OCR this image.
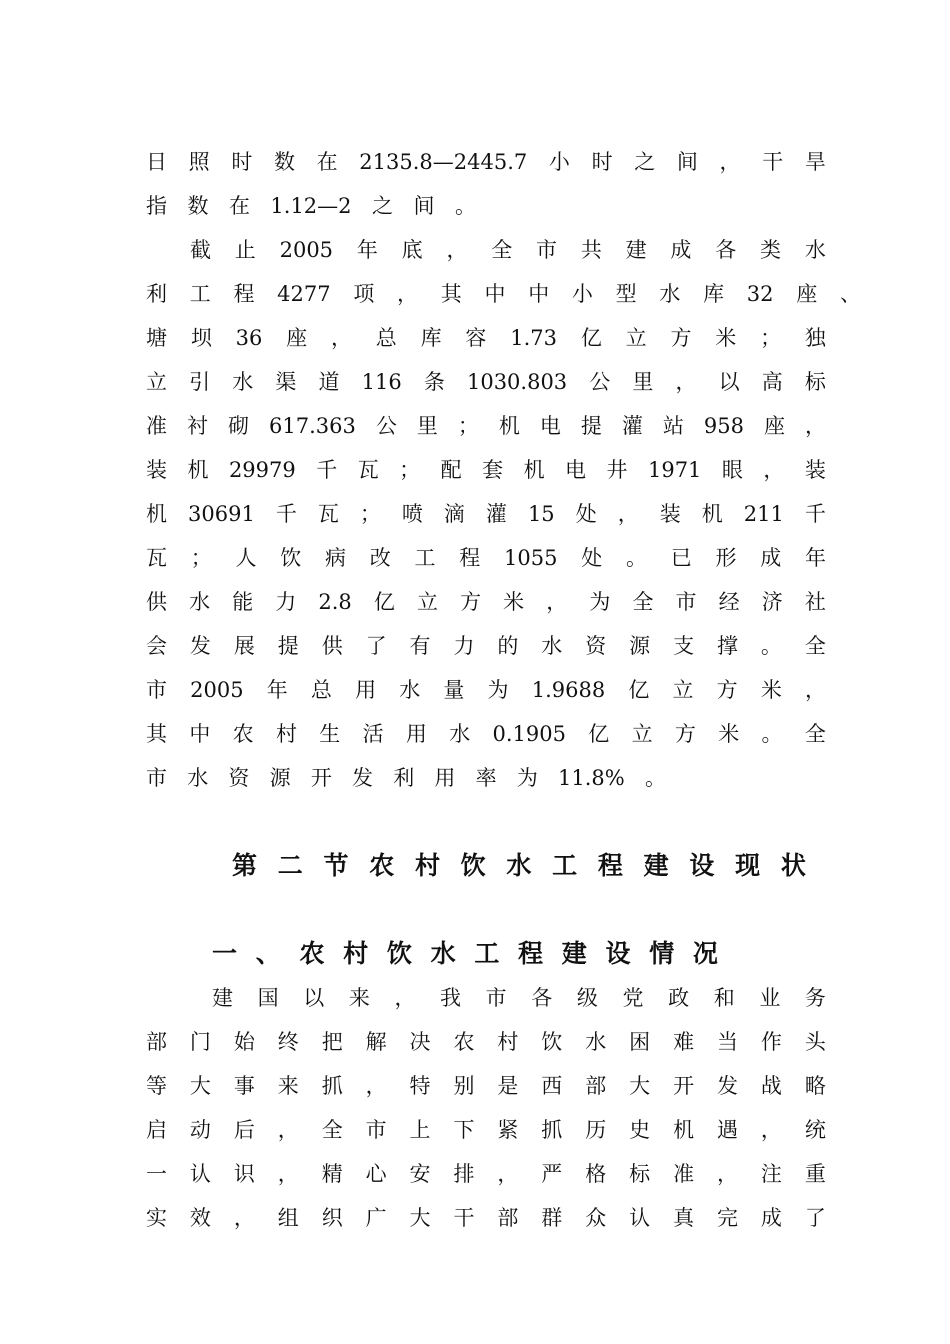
日 照 时 数 在 2135.8—2445.7 小 时 之 间 ， 干 旱
指 数 在 1.12—2 之 间 。
截 止 2005 年 底 ， 全 市 共 建 成 各 类 水
利 工 程 4277 项 ， 其 中 中 小 型 水 库 32 座 、
塘 坝 36 座 ， 总 库 容 1.73 亿 立 方 米 ； 独
立 引 水 渠 道 116 条 1030.803 公 里 ， 以 高 标
准 衬 砌 617.363 公 里 ； 机 电 提 灌 站 958 座 ，
装 机 29979 千 瓦 ； 配 套 机 电 井 1971 眼 ， 装
机 30691 千 瓦 ； 喷 滴 灌 15 处 ， 装 机 211 千
瓦 ； 人 饮 病 改 工 程 1055 处 。 已 形 成 年
供 水 能 力 2.8 亿 立 方 米 ， 为 全 市 经 济 社
会 发 展 提 供 了 有 力 的 水 资 源 支 撑 。 全
市 2005 年 总 用 水 量 为 1.9688 亿 立 方 米 ，
其 中 农 村 生 活 用 水 0.1905 亿 立 方 米 。 全
市 水 资 源 开 发 利 用 率 为 11.8% 。
第 二 节 农 村 饮 水 工 程 建 设 现 状
一 、 农 村 饮 水 工 程 建 设 情 况
建 国 以 来 ， 我 市 各 级 党 政 和 业 务
部 门 始 终 把 解 决 农 村 饮 水 困 难 当 作 头
等 大 事 来 抓 ， 特 别 是 西 部 大 开 发 战 略
启 动 后 ， 全 市 上 下 紧 抓 历 史 机 遇 ， 统
一 认 识 ， 精 心 安 排 ， 严 格 标 准 ， 注 重
实 效 ， 组 织 广 大 干 部 群 众 认 真 完 成 了
